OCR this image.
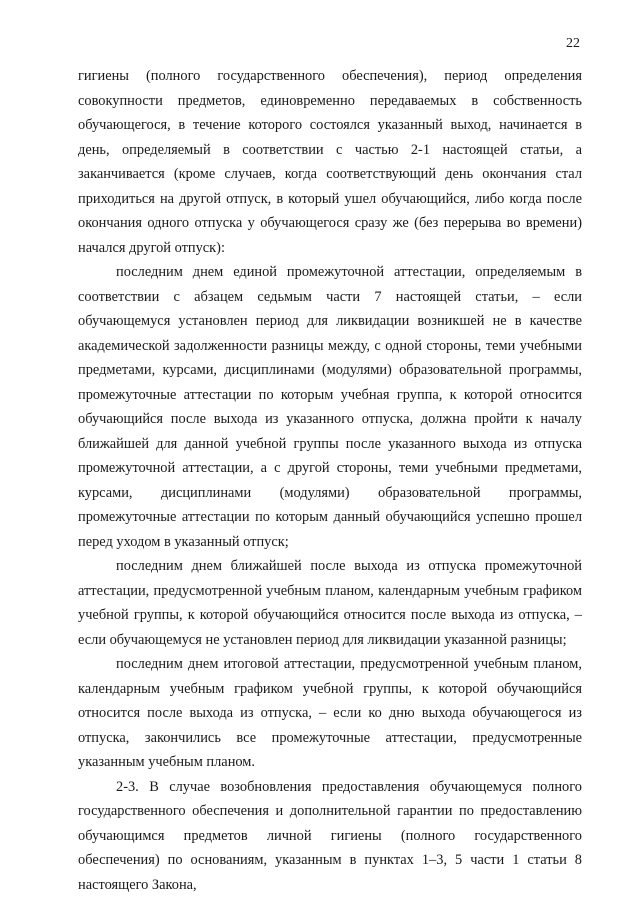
22

гигиены (полного государственного обеспечения), период определения совокупности предметов, единовременно передаваемых в собственность обучающегося, в течение которого состоялся указанный выход, начинается в день, определяемый в соответствии с частью 2-1 настоящей статьи, а заканчивается (кроме случаев, когда соответствующий день окончания стал приходиться на другой отпуск, в который ушел обучающийся, либо когда после окончания одного отпуска у обучающегося сразу же (без перерыва во времени) начался другой отпуск):

последним днем единой промежуточной аттестации, определяемым в соответствии с абзацем седьмым части 7 настоящей статьи, – если обучающемуся установлен период для ликвидации возникшей не в качестве академической задолженности разницы между, с одной стороны, теми учебными предметами, курсами, дисциплинами (модулями) образовательной программы, промежуточные аттестации по которым учебная группа, к которой относится обучающийся после выхода из указанного отпуска, должна пройти к началу ближайшей для данной учебной группы после указанного выхода из отпуска промежуточной аттестации, а с другой стороны, теми учебными предметами, курсами, дисциплинами (модулями) образовательной программы, промежуточные аттестации по которым данный обучающийся успешно прошел перед уходом в указанный отпуск;

последним днем ближайшей после выхода из отпуска промежуточной аттестации, предусмотренной учебным планом, календарным учебным графиком учебной группы, к которой обучающийся относится после выхода из отпуска, – если обучающемуся не установлен период для ликвидации указанной разницы;

последним днем итоговой аттестации, предусмотренной учебным планом, календарным учебным графиком учебной группы, к которой обучающийся относится после выхода из отпуска, – если ко дню выхода обучающегося из отпуска, закончились все промежуточные аттестации, предусмотренные указанным учебным планом.

2-3. В случае возобновления предоставления обучающемуся полного государственного обеспечения и дополнительной гарантии по предоставлению обучающимся предметов личной гигиены (полного государственного обеспечения) по основаниям, указанным в пунктах 1–3, 5 части 1 статьи 8 настоящего Закона,
